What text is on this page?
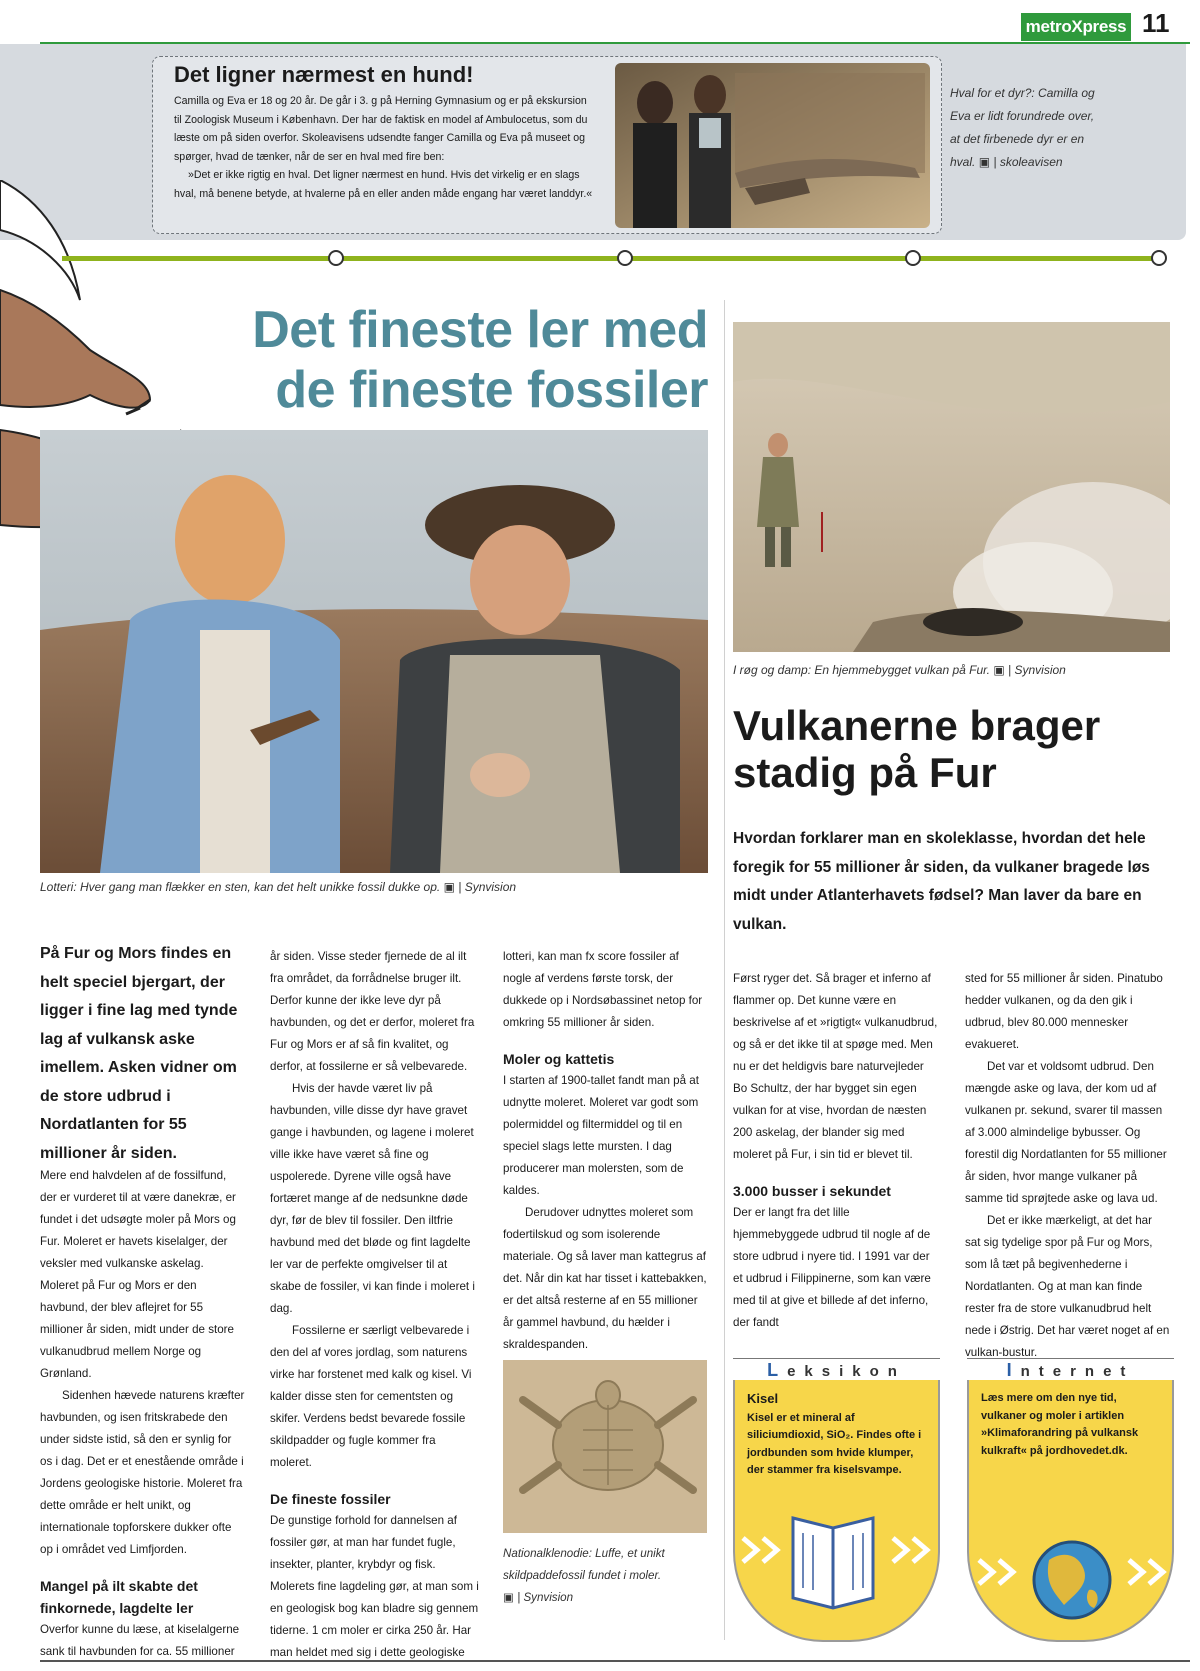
metroXpress 11
Det ligner nærmest en hund!

Camilla og Eva er 18 og 20 år. De går i 3. g på Herning Gymnasium og er på ekskursion til Zoologisk Museum i København. Der har de faktisk en model af Ambulocetus, som du læste om på siden overfor. Skoleavisens udsendte fanger Camilla og Eva på museet og spørger, hvad de tænker, når de ser en hval med fire ben:

»Det er ikke rigtig en hval. Det ligner nærmest en hund. Hvis det virkelig er en slags hval, må benene betyde, at hvalerne på en eller anden måde engang har været landdyr.«

Hval for et dyr?: Camilla og Eva er lidt forundrede over, at det firbenede dyr er en hval. ▣ | skoleavisen
Det fineste ler med
de fineste fossiler
Lotteri: Hver gang man flækker en sten, kan det helt unikke fossil dukke op. ▣ | Synvision
På Fur og Mors findes en helt speciel bjergart, der ligger i fine lag med tynde lag af vulkansk aske imellem. Asken vidner om de store udbrud i Nordatlanten for 55 millioner år siden.

Mere end halvdelen af de fossilfund, der er vurderet til at være danekræ, er fundet i det udsøgte moler på Mors og Fur. Moleret er havets kiselalger, der veksler med vulkanske askelag. Moleret på Fur og Mors er den havbund, der blev aflejret for 55 millioner år siden, midt under de store vulkanudbrud mellem Norge og Grønland.

Sidenhen hævede naturens kræfter havbunden, og isen fritskrabede den under sidste istid, så den er synlig for os i dag. Det er et enestående område i Jordens geologiske historie. Moleret fra dette område er helt unikt, og internationale topforskere dukker ofte op i området ved Limfjorden.

Mangel på ilt skabte det finkornede, lagdelte ler

Overfor kunne du læse, at kiselalgerne sank til havbunden for ca. 55 millioner

år siden. Visse steder fjernede de al ilt fra området, da forrådnelse bruger ilt. Derfor kunne der ikke leve dyr på havbunden, og det er derfor, moleret fra Fur og Mors er af så fin kvalitet, og derfor, at fossilerne er så velbevarede.

Hvis der havde været liv på havbunden, ville disse dyr have gravet gange i havbunden, og lagene i moleret ville ikke have været så fine og uspolerede. Dyrene ville også have fortæret mange af de nedsunkne døde dyr, før de blev til fossiler. Den iltfrie havbund med det bløde og fint lagdelte ler var de perfekte omgivelser til at skabe de fossiler, vi kan finde i moleret i dag.

Fossilerne er særligt velbevarede i den del af vores jordlag, som naturens virke har forstenet med kalk og kisel. Vi kalder disse sten for cementsten og skifer. Verdens bedst bevarede fossile skildpadder og fugle kommer fra moleret.

De fineste fossiler

De gunstige forhold for dannelsen af fossiler gør, at man har fundet fugle, insekter, planter, krybdyr og fisk. Molerets fine lagdeling gør, at man som i en geologisk bog kan bladre sig gennem tiderne. 1 cm moler er cirka 250 år. Har man heldet med sig i dette geologiske

lotteri, kan man fx score fossiler af nogle af verdens første torsk, der dukkede op i Nordsøbassinet netop for omkring 55 millioner år siden.

Moler og kattetis

I starten af 1900-tallet fandt man på at udnytte moleret. Moleret var godt som polermiddel og filtermiddel og til en speciel slags lette mursten. I dag producerer man molersten, som de kaldes.

Derudover udnyttes moleret som fodertilskud og som isolerende materiale. Og så laver man kattegrus af det. Når din kat har tisset i kattebakken, er det altså resterne af en 55 millioner år gammel havbund, du hælder i skraldespanden.

Nationalklenodie: Luffe, et unikt skildpaddefossil fundet i moler.
▣ | Synvision
I røg og damp: En hjemmebygget vulkan på Fur. ▣ | Synvision
Vulkanerne brager
stadig på Fur
Hvordan forklarer man en skoleklasse, hvordan det hele foregik for 55 millioner år siden, da vulkaner bragede løs midt under Atlanterhavets fødsel? Man laver da bare en vulkan.

Først ryger det. Så brager et inferno af flammer op. Det kunne være en beskrivelse af et »rigtigt« vulkanudbrud, og så er det ikke til at spøge med. Men nu er det heldigvis bare naturvejleder Bo Schultz, der har bygget sin egen vulkan for at vise, hvordan de næsten 200 askelag, der blander sig med moleret på Fur, i sin tid er blevet til.

3.000 busser i sekundet

Der er langt fra det lille hjemmebyggede udbrud til nogle af de store udbrud i nyere tid. I 1991 var der et udbrud i Filippinerne, som kan være med til at give et billede af det inferno, der fandt

sted for 55 millioner år siden. Pinatubo hedder vulkanen, og da den gik i udbrud, blev 80.000 mennesker evakueret.

Det var et voldsomt udbrud. Den mængde aske og lava, der kom ud af vulkanen pr. sekund, svarer til massen af 3.000 almindelige bybusser. Og forestil dig Nordatlanten for 55 millioner år siden, hvor mange vulkaner på samme tid sprøjtede aske og lava ud.

Det er ikke mærkeligt, at det har sat sig tydelige spor på Fur og Mors, som lå tæt på begivenhederne i Nordatlanten. Og at man kan finde rester fra de store vulkanudbrud helt nede i Østrig. Det har været noget af en vulkan-bustur.

Leksikon
Kisel
Kisel er et mineral af siliciumdioxid, SiO₂. Findes ofte i jordbunden som hvide klumper, der stammer fra kiselsvampe.
Internet
Læs mere om den nye tid, vulkaner og moler i artiklen »Klimaforandring på vulkansk kulkraft« på jordhovedet.dk.
